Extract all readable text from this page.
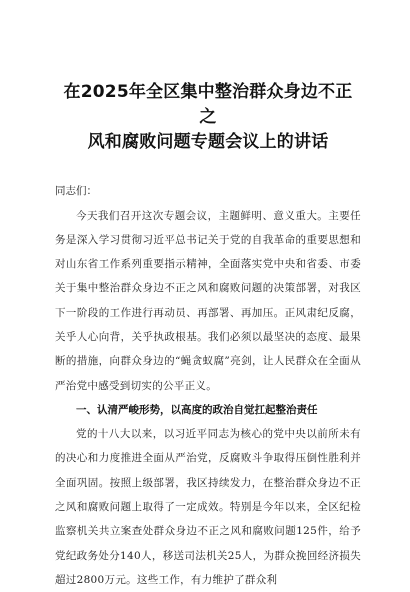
在2025年全区集中整治群众身边不正之
风和腐败问题专题会议上的讲话

同志们：

今天我们召开这次专题会议，主题鲜明、意义重大。主要任务是深入学习贯彻习近平总书记关于党的自我革命的重要思想和对山东省工作系列重要指示精神，全面落实党中央和省委、市委关于集中整治群众身边不正之风和腐败问题的决策部署，对我区下一阶段的工作进行再动员、再部署、再加压。正风肃纪反腐，关乎人心向背，关乎执政根基。我们必须以最坚决的态度、最果断的措施，向群众身边的“蝇贪蚁腐”亮剑，让人民群众在全面从严治党中感受到切实的公平正义。

一、认清严峻形势，以高度的政治自觉扛起整治责任

党的十八大以来，以习近平同志为核心的党中央以前所未有的决心和力度推进全面从严治党，反腐败斗争取得压倒性胜利并全面巩固。按照上级部署，我区持续发力，在整治群众身边不正之风和腐败问题上取得了一定成效。特别是今年以来，全区纪检监察机关共立案查处群众身边不正之风和腐败问题125件，给予党纪政务处分140人，移送司法机关25人，为群众挽回经济损失超过2800万元。这些工作，有力维护了群众利
